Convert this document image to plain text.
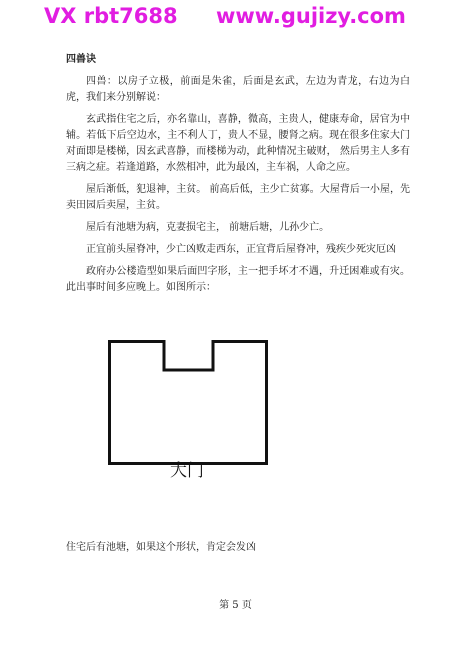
VX rbt7688 www.gujizy.com
四兽诀

四兽：以房子立极，前面是朱雀，后面是玄武，左边为青龙，右边为白虎，我们来分别解说：

玄武指住宅之后，亦名靠山，喜静，微高，主贵人，健康寿命，居官为中辅。若低下后空边水，主不利人丁，贵人不显，腰肾之病。现在很多住家大门对面即是楼梯，因玄武喜静，而楼梯为动，此种情况主破财， 然后男主人多有三病之症。若逢道路，水然相冲，此为最凶，主车祸，人命之应。

屋后渐低，犯退神，主贫。 前高后低，主少亡贫寡。大屋背后一小屋，先卖田园后卖屋，主贫。

屋后有池塘为病，克妻损宅主， 前塘后塘，儿孙少亡。

正宜前头屋脊冲，少亡凶败走西东，正宜背后屋脊冲，残疾少死灾厄凶

政府办公楼造型如果后面凹字形，主一把手坏才不遇，升迁困难或有灾。此出事时间多应晚上。如图所示：

大门
住宅后有池塘，如果这个形状，肯定会发凶
第 5 页
